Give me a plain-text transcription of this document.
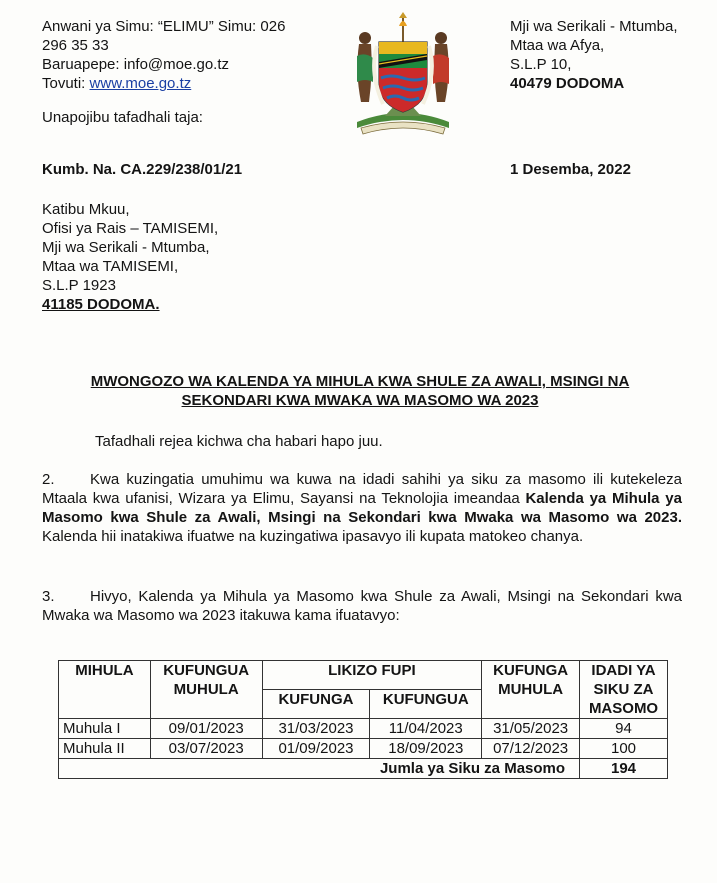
Anwani ya Simu: “ELIMU” Simu: 026
296 35 33
Baruapepe: info@moe.go.tz
Tovuti: www.moe.go.tz
Unapojibu tafadhali taja:
Mji wa Serikali - Mtumba,
Mtaa wa Afya,
S.L.P 10,
40479 DODOMA
Kumb. Na. CA.229/238/01/21	1 Desemba, 2022
Katibu Mkuu,
Ofisi ya Rais – TAMISEMI,
Mji wa Serikali - Mtumba,
Mtaa wa TAMISEMI,
S.L.P 1923
41185 DODOMA.
MWONGOZO WA KALENDA YA MIHULA KWA SHULE ZA AWALI, MSINGI NA
SEKONDARI KWA MWAKA WA MASOMO WA 2023
Tafadhali rejea kichwa cha habari hapo juu.
2. Kwa kuzingatia umuhimu wa kuwa na idadi sahihi ya siku za masomo ili kutekeleza Mtaala kwa ufanisi, Wizara ya Elimu, Sayansi na Teknolojia imeandaa Kalenda ya Mihula ya Masomo kwa Shule za Awali, Msingi na Sekondari kwa Mwaka wa Masomo wa 2023. Kalenda hii inatakiwa ifuatwe na kuzingatiwa ipasavyo ili kupata matokeo chanya.
3. Hivyo, Kalenda ya Mihula ya Masomo kwa Shule za Awali, Msingi na Sekondari kwa Mwaka wa Masomo wa 2023 itakuwa kama ifuatavyo:
MIHULA	KUFUNGUA MUHULA	LIKIZO FUPI		KUFUNGA MUHULA	IDADI YA SIKU ZA MASOMO
		KUFUNGA	KUFUNGUA		
Muhula I	09/01/2023	31/03/2023	11/04/2023	31/05/2023	94
Muhula II	03/07/2023	01/09/2023	18/09/2023	07/12/2023	100
Jumla ya Siku za Masomo					194
